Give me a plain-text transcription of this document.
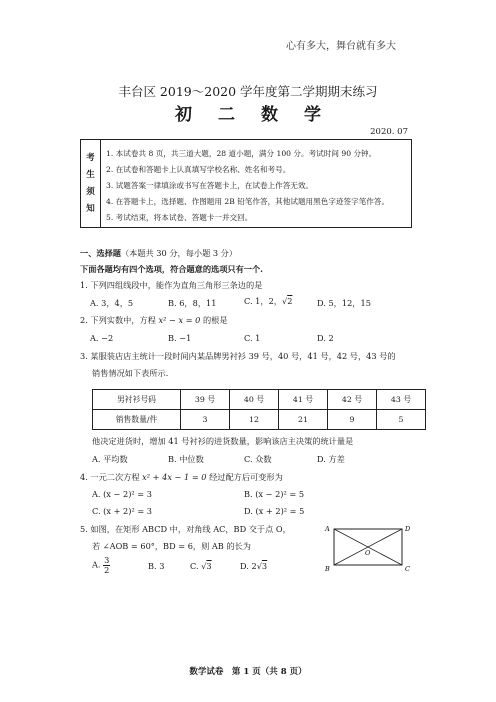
心有多大，舞台就有多大
丰台区 2019～2020 学年度第二学期期末练习
初二数学
2020. 07
考
生
须
知
1. 本试卷共 8 页，共三道大题，28 道小题，满分 100 分。考试时间 90 分钟。
2. 在试卷和答题卡上认真填写学校名称、姓名和考号。
3. 试题答案一律填涂或书写在答题卡上，在试卷上作答无效。
4. 在答题卡上，选择题、作图题用 2B 铅笔作答，其他试题用黑色字迹签字笔作答。
5. 考试结束，将本试卷、答题卡一并交回。
一、选择题（本题共 30 分，每小题 3 分）
下面各题均有四个选项，符合题意的选项只有一个.
1. 下列四组线段中，能作为直角三角形三条边的是
A. 3，4，5	B. 6，8，11	C. 1，2，√2	D. 5，12，15
2. 下列实数中，方程 x² − x = 0 的根是
A. −2	B. −1	C. 1	D. 2
3. 某服装店店主统计一段时间内某品牌男衬衫 39 号，40 号，41 号，42 号，43 号的
销售情况如下表所示.
男衬衫号码	39 号	40 号	41 号	42 号	43 号
销售数量/件	3	12	21	9	5
他决定进货时，增加 41 号衬衫的进货数量，影响该店主决策的统计量是
A. 平均数	B. 中位数	C. 众数	D. 方差
4. 一元二次方程 x² + 4x − 1 = 0 经过配方后可变形为
A. (x − 2)² = 3	B. (x − 2)² = 5
C. (x + 2)² = 3	D. (x + 2)² = 5
5. 如图，在矩形 ABCD 中，对角线 AC，BD 交于点 O，
若 ∠AOB = 60°，BD = 6，则 AB 的长为
A. $\frac{3}{2}$	B. 3	C. √3	D. 2√3
A	D
B	C
O
数学试卷　第 1 页（共 8 页）
